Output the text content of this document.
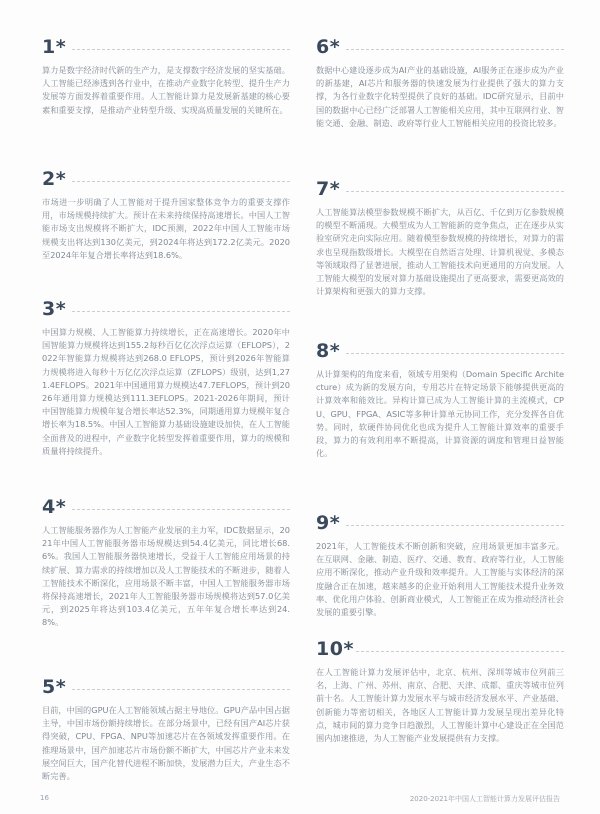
1*

算力是数字经济时代新的生产力，是支撑数字经济发展的坚实基础。人工智能已经渗透到各行业中，在推动产业数字化转型、提升生产力发展等方面发挥着重要作用。人工智能计算力是发展新基建的核心要素和重要支撑，是推动产业转型升级、实现高质量发展的关键所在。

2*

市场进一步明确了人工智能对于提升国家整体竞争力的重要支撑作用，市场规模持续扩大。预计在未来持续保持高速增长。中国人工智能市场支出规模将不断扩大，IDC预测，2022年中国人工智能市场规模支出将达到130亿美元，到2024年将达到172.2亿美元。2020至2024年年复合增长率将达到18.6%。

3*

中国算力规模、人工智能算力持续增长，正在高速增长。2020年中国智能算力规模将达到155.2每秒百亿亿次浮点运算（EFLOPS），2022年智能算力规模将达到268.0 EFLOPS，预计到2026年智能算力规模将进入每秒十万亿亿次浮点运算（ZFLOPS）级别，达到1,271.4EFLOPS。2021年中国通用算力规模达47.7EFLOPS，预计到2026年通用算力规模达到111.3EFLOPS。2021-2026年期间，预计中国智能算力规模年复合增长率达52.3%，同期通用算力规模年复合增长率为18.5%。中国人工智能算力基础设施建设加快，在人工智能全面普及的进程中，产业数字化转型发挥着重要作用，算力的规模和质量将持续提升。

4*

人工智能服务器作为人工智能产业发展的主力军，IDC数据显示，2021年中国人工智能服务器市场规模达到54.4亿美元，同比增长68.6%。我国人工智能服务器快速增长，受益于人工智能应用场景的持续扩展、算力需求的持续增加以及人工智能技术的不断进步，随着人工智能技术不断深化，应用场景不断丰富，中国人工智能服务器市场将保持高速增长，2021年人工智能服务器市场规模将达到57.0亿美元，到2025年将达到103.4亿美元，五年年复合增长率达到24.8%。

5*

目前，中国的GPU在人工智能领域占据主导地位。GPU产品中国占据主导，中国市场份额持续增长。在部分场景中，已经有国产AI芯片获得突破，CPU、FPGA、NPU等加速芯片在各领域发挥重要作用。在推理场景中，国产加速芯片市场份额不断扩大，中国芯片产业未来发展空间巨大，国产化替代进程不断加快，发展潜力巨大，产业生态不断完善。

6*

数据中心建设逐步成为AI产业的基础设施，AI服务正在逐步成为产业的新基建，AI芯片和服务器的快速发展为行业提供了强大的算力支撑，为各行业数字化转型提供了良好的基础。IDC研究显示，目前中国的数据中心已经广泛部署人工智能相关应用，其中互联网行业、智能交通、金融、制造、政府等行业人工智能相关应用的投资比较多。

7*

人工智能算法模型参数规模不断扩大，从百亿、千亿到万亿参数规模的模型不断涌现。大模型成为人工智能新的竞争焦点，正在逐步从实验室研究走向实际应用。随着模型参数规模的持续增长，对算力的需求也呈现指数级增长。大模型在自然语言处理、计算机视觉、多模态等领域取得了显著进展，推动人工智能技术向更通用的方向发展。人工智能大模型的发展对算力基础设施提出了更高要求，需要更高效的计算架构和更强大的算力支撑。

8*

从计算架构的角度来看，领域专用架构（Domain Specific Architecture）成为新的发展方向，专用芯片在特定场景下能够提供更高的计算效率和能效比。异构计算已成为人工智能计算的主流模式，CPU、GPU、FPGA、ASIC等多种计算单元协同工作，充分发挥各自优势。同时，软硬件协同优化也成为提升人工智能计算效率的重要手段，算力的有效利用率不断提高，计算资源的调度和管理日益智能化。

9*

2021年，人工智能技术不断创新和突破，应用场景更加丰富多元。在互联网、金融、制造、医疗、交通、教育、政府等行业，人工智能应用不断深化，推动产业升级和效率提升。人工智能与实体经济的深度融合正在加速，越来越多的企业开始利用人工智能技术提升业务效率、优化用户体验、创新商业模式，人工智能正在成为推动经济社会发展的重要引擎。

10*

在人工智能计算力发展评估中，北京、杭州、深圳等城市位列前三名，上海、广州、苏州、南京、合肥、天津、成都、重庆等城市位列前十名。人工智能计算力发展水平与城市经济发展水平、产业基础、创新能力等密切相关，各地区人工智能计算力发展呈现出差异化特点，城市间的算力竞争日趋激烈，人工智能计算中心建设正在全国范围内加速推进，为人工智能产业发展提供有力支撑。

16	2020-2021年中国人工智能计算力发展评估报告
